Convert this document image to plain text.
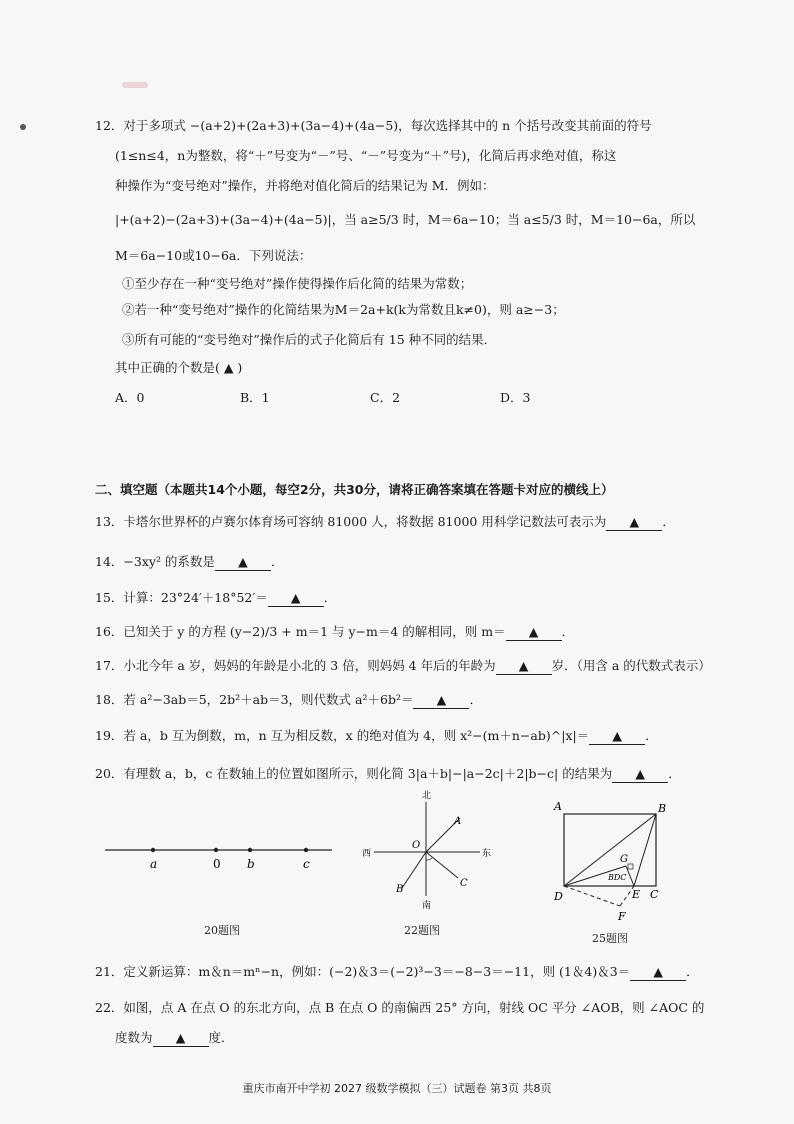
12．对于多项式 −(a+2)+(2a+3)+(3a−4)+(4a−5)，每次选择其中的 n 个括号改变其前面的符号
(1≤n≤4，n为整数，将“＋”号变为“－”号、“－”号变为“＋”号)，化简后再求绝对值，称这
种操作为“变号绝对”操作，并将绝对值化简后的结果记为 M．例如：
|+(a+2)−(2a+3)+(3a−4)+(4a−5)|，当 a≥5/3 时，M＝6a−10；当 a≤5/3 时，M＝10−6a，所以
M＝6a−10或10−6a．下列说法：
①至少存在一种“变号绝对”操作使得操作后化简的结果为常数；
②若一种“变号绝对”操作的化简结果为M＝2a+k(k为常数且k≠0)，则 a≥−3；
③所有可能的“变号绝对”操作后的式子化简后有 15 种不同的结果．
其中正确的个数是( ▲ )
A．0	B．1	C．2	D．3
二、填空题（本题共14个小题，每空2分，共30分，请将正确答案填在答题卡对应的横线上）
13．卡塔尔世界杯的卢赛尔体育场可容纳 81000 人，将数据 81000 用科学记数法可表示为 ▲ ．
14．−3xy² 的系数是 ▲ ．
15．计算：23°24′＋18°52′＝ ▲ ．
16．已知关于 y 的方程 (y−2)/3 + m＝1 与 y−m＝4 的解相同，则 m＝ ▲ ．
17．小北今年 a 岁，妈妈的年龄是小北的 3 倍，则妈妈 4 年后的年龄为 ▲ 岁．（用含 a 的代数式表示）
18．若 a²−3ab＝5，2b²＋ab＝3，则代数式 a²＋6b²＝ ▲ ．
19．若 a，b 互为倒数，m，n 互为相反数，x 的绝对值为 4，则 x²−(m＋n−ab)^|x|＝ ▲ ．
20．有理数 a，b，c 在数轴上的位置如图所示，则化简 3|a＋b|−|a−2c|＋2|b−c| 的结果为 ▲ ．
a	0 b	c
20题图
北
南
西	东
O
A
B
C
22题图
A	B
D	C
E
F
G
BDC
25题图
21．定义新运算：m＆n＝mⁿ−n，例如：(−2)＆3＝(−2)³−3＝−8−3＝−11，则 (1＆4)＆3＝ ▲ ．
22．如图，点 A 在点 O 的东北方向，点 B 在点 O 的南偏西 25° 方向，射线 OC 平分 ∠AOB，则 ∠AOC 的
度数为 ▲ 度．
重庆市南开中学初 2027 级数学模拟（三）试题卷 第3页 共8页
